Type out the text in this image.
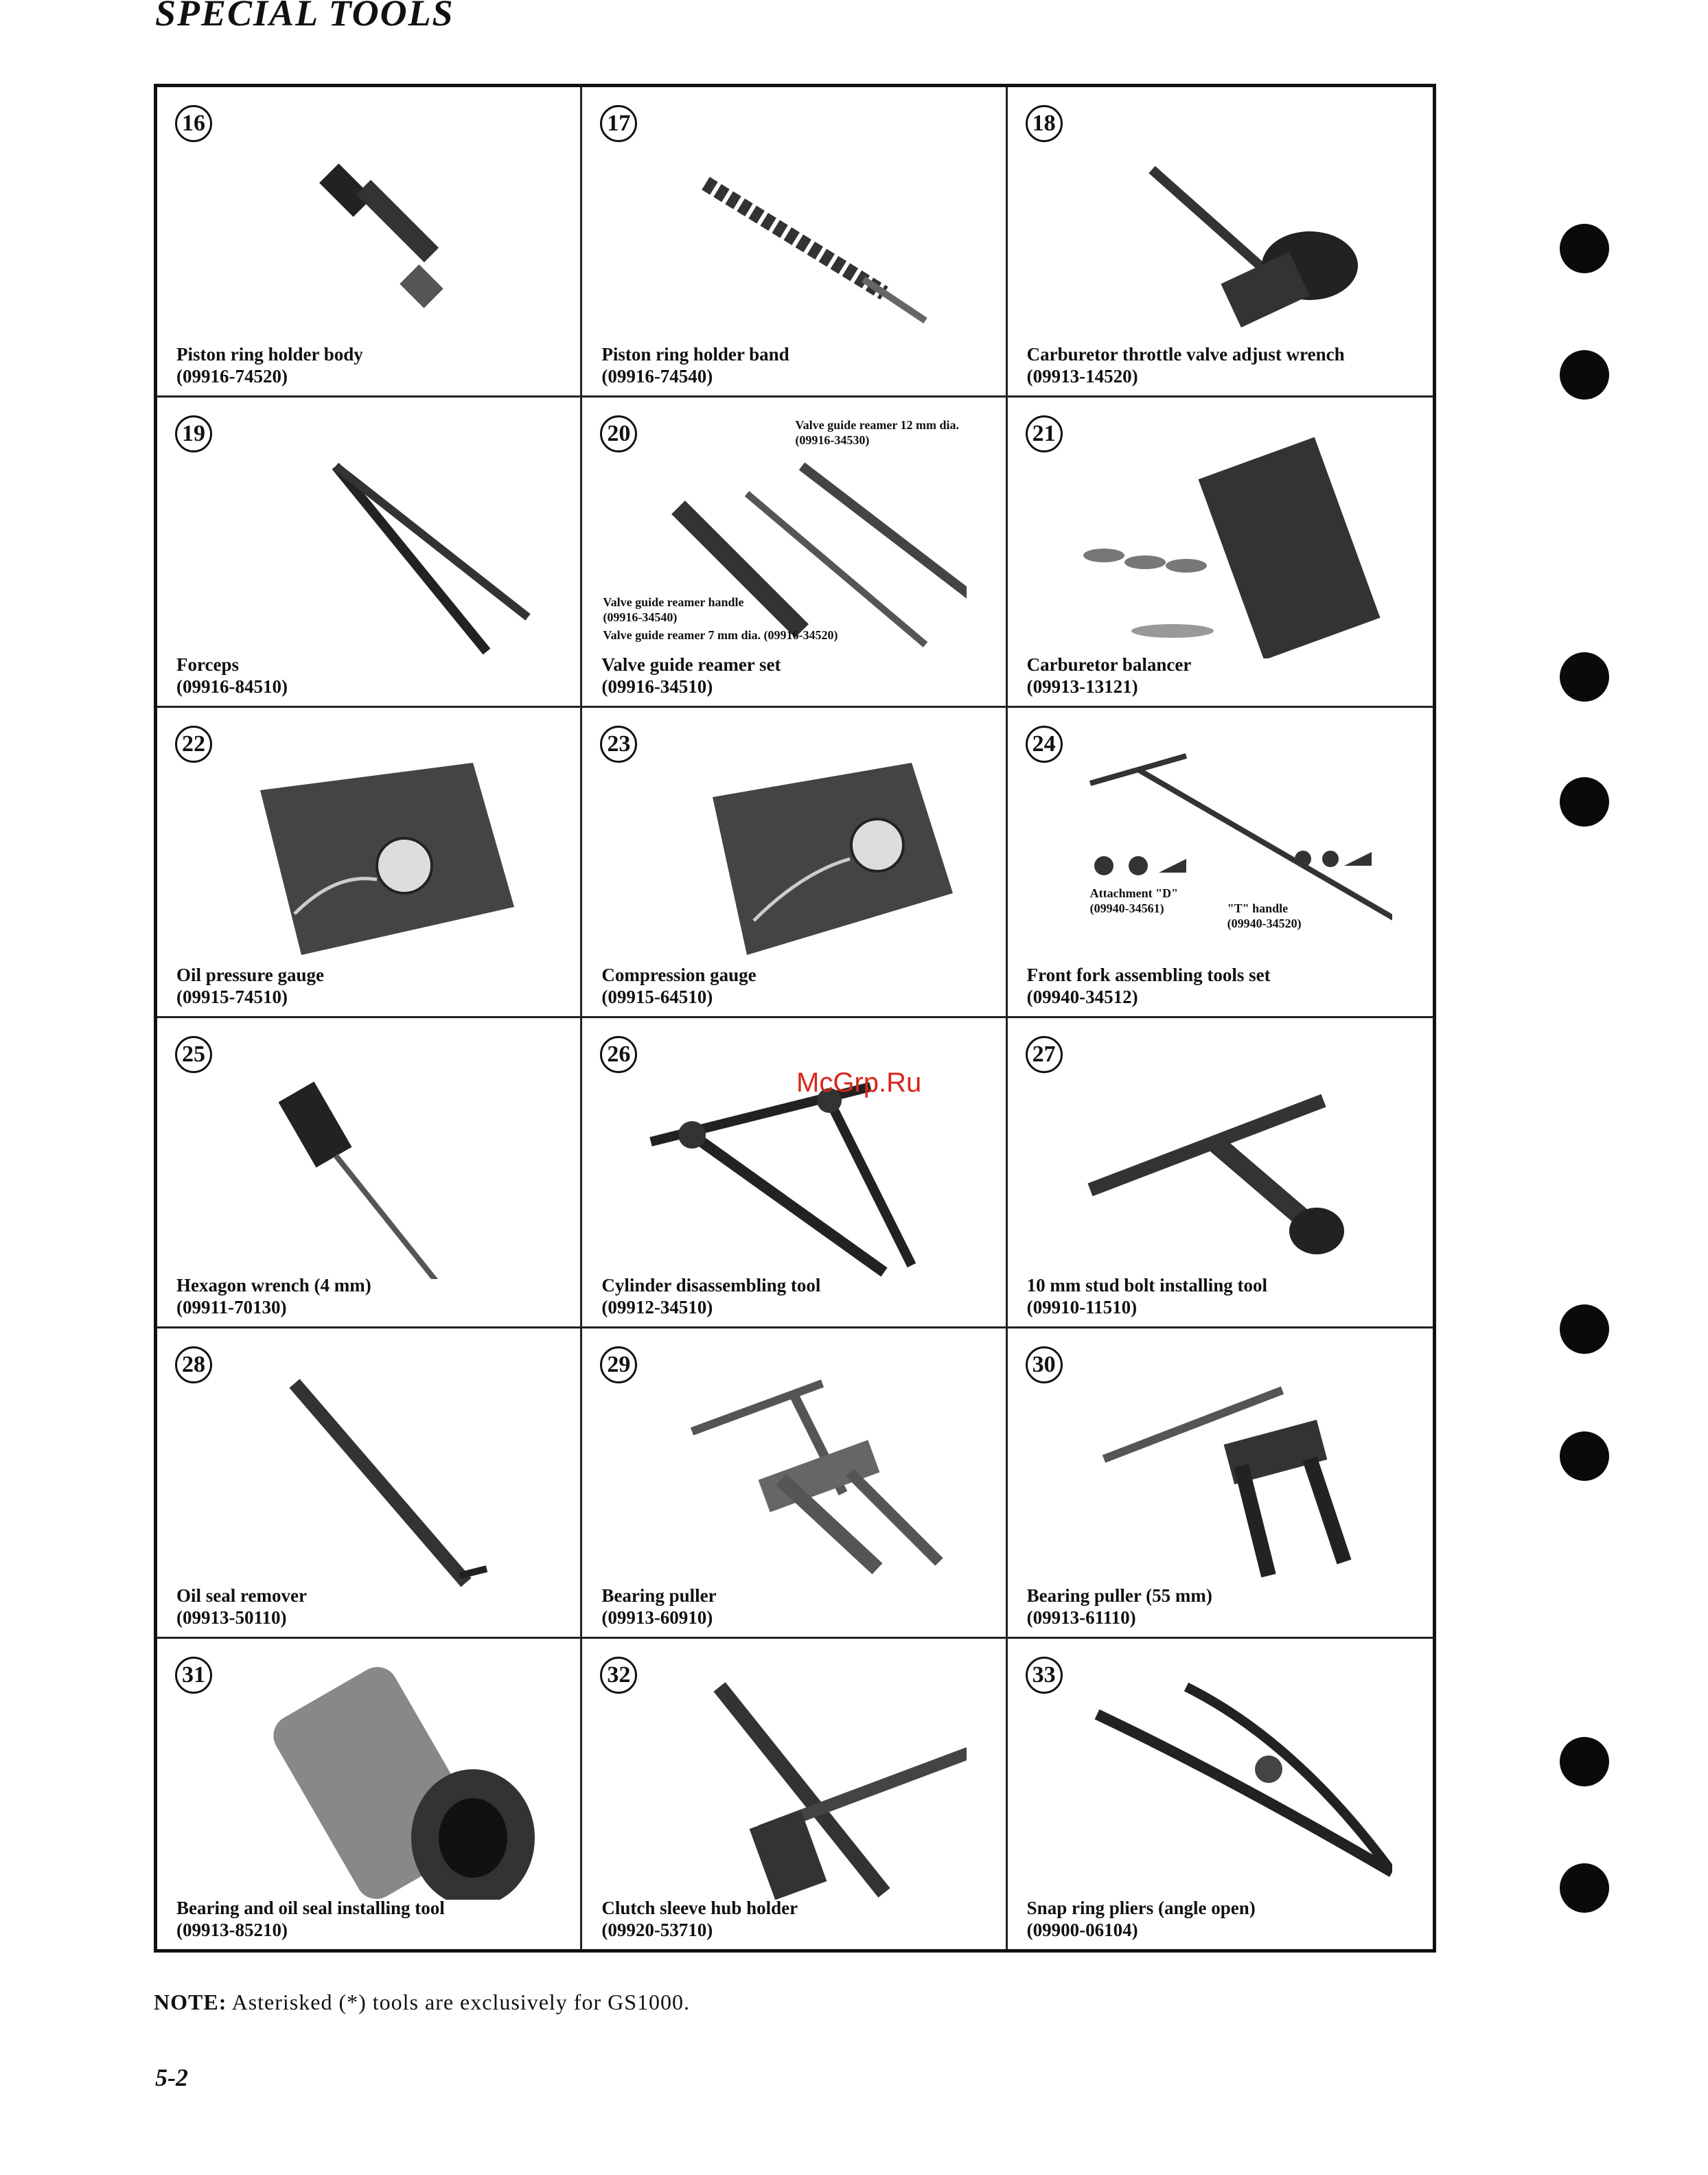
SPECIAL TOOLS
16
Piston ring holder body
(09916-74520)
17
Piston ring holder band
(09916-74540)
18
Carburetor throttle valve adjust wrench
(09913-14520)
19
Forceps
(09916-84510)
20	Valve guide reamer 12 mm dia.
(09916-34530)
Valve guide reamer handle
(09916-34540)
Valve guide reamer 7 mm dia. (09916-34520)
Valve guide reamer set
(09916-34510)
21
Carburetor balancer
(09913-13121)
22
Oil pressure gauge
(09915-74510)
23
Compression gauge
(09915-64510)
24
Attachment "D"
(09940-34561)	"T" handle
(09940-34520)
Front fork assembling tools set
(09940-34512)
25
Hexagon wrench (4 mm)
(09911-70130)
26
Cylinder disassembling tool
(09912-34510)
27
10 mm stud bolt installing tool
(09910-11510)
28
Oil seal remover
(09913-50110)
29
Bearing puller
(09913-60910)
30
Bearing puller (55 mm)
(09913-61110)
31
Bearing and oil seal installing tool
(09913-85210)
32
Clutch sleeve hub holder
(09920-53710)
33
Snap ring pliers (angle open)
(09900-06104)
McGrp.Ru
NOTE: Asterisked (*) tools are exclusively for GS1000.
5-2
